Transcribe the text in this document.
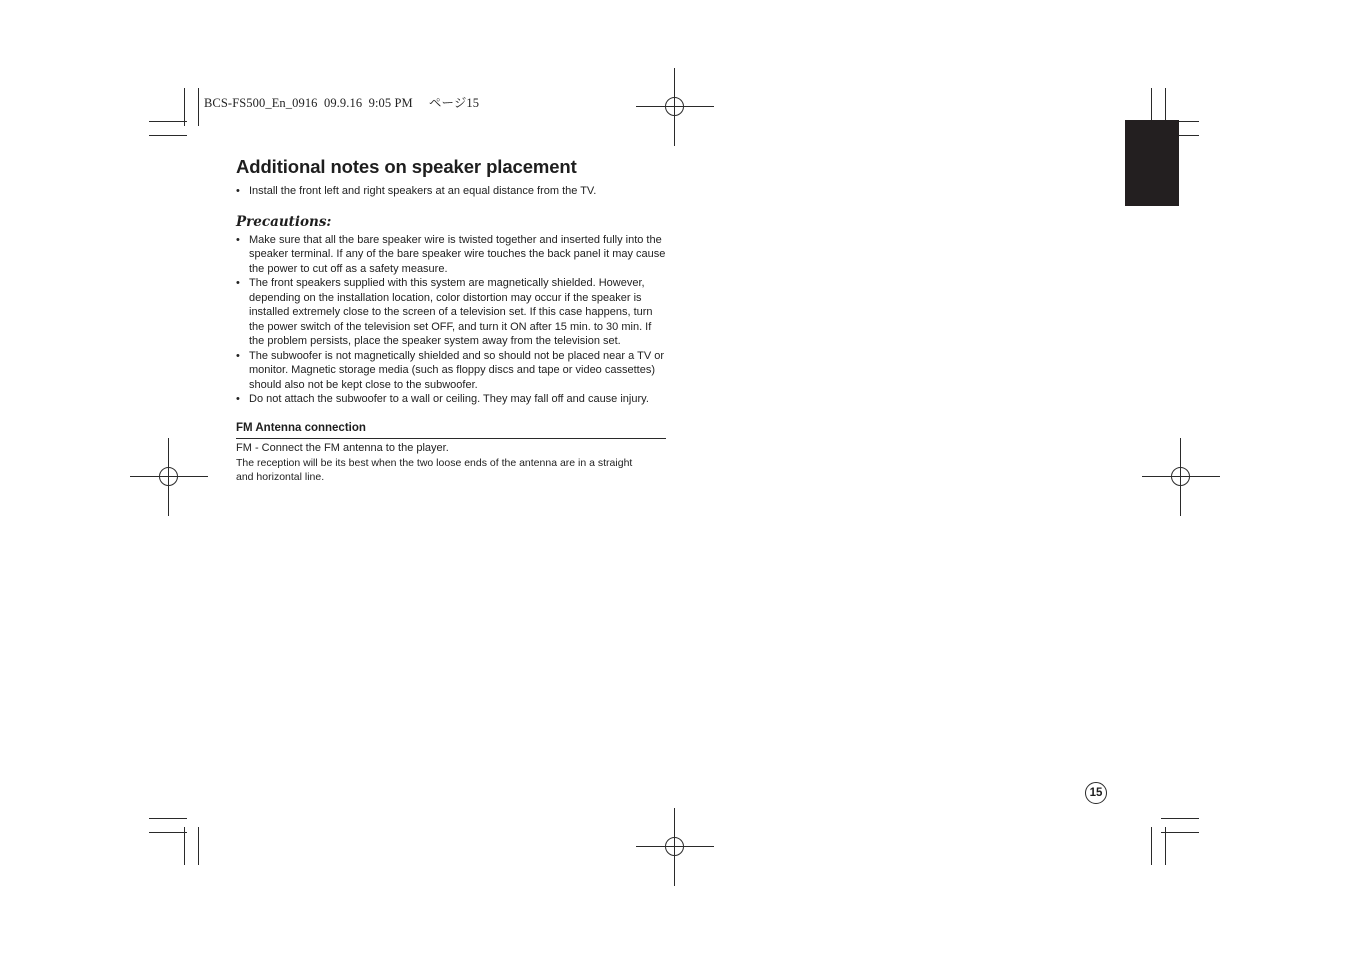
BCS-FS500_En_0916  09.9.16  9:05 PM     ページ15
Additional notes on speaker placement
• Install the front left and right speakers at an equal distance from the TV.
Precautions:
• Make sure that all the bare speaker wire is twisted together and inserted fully into the speaker terminal. If any of the bare speaker wire touches the back panel it may cause the power to cut off as a safety measure.
• The front speakers supplied with this system are magnetically shielded. However, depending on the installation location, color distortion may occur if the speaker is installed extremely close to the screen of a television set. If this case happens, turn the power switch of the television set OFF, and turn it ON after 15 min. to 30 min. If the problem persists, place the speaker system away from the television set.
• The subwoofer is not magnetically shielded and so should not be placed near a TV or monitor. Magnetic storage media (such as floppy discs and tape or video cassettes) should also not be kept close to the subwoofer.
• Do not attach the subwoofer to a wall or ceiling. They may fall off and cause injury.
FM Antenna connection

FM - Connect the FM antenna to the player.

The reception will be its best when the two loose ends of the antenna are in a straight and horizontal line.

15
